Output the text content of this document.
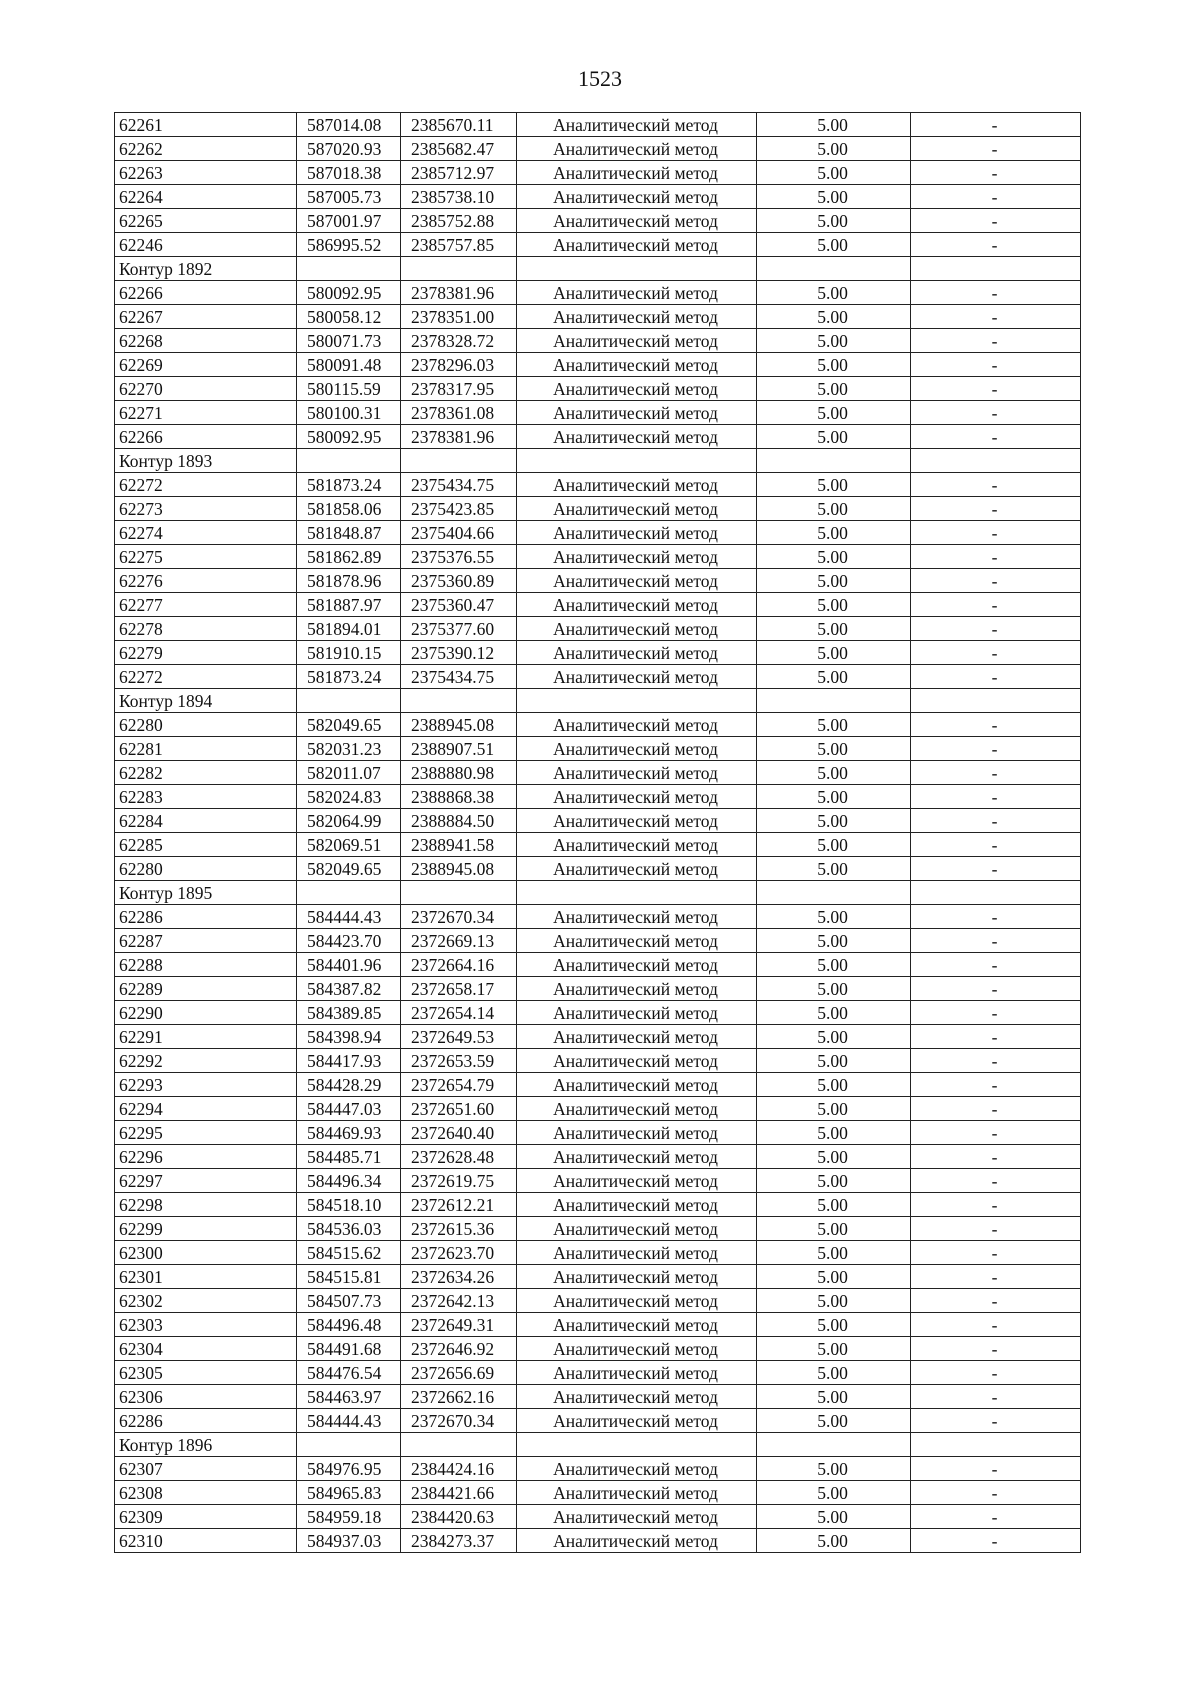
1523
62261	587014.08	2385670.11	Аналитический метод	5.00	-
62262	587020.93	2385682.47	Аналитический метод	5.00	-
62263	587018.38	2385712.97	Аналитический метод	5.00	-
62264	587005.73	2385738.10	Аналитический метод	5.00	-
62265	587001.97	2385752.88	Аналитический метод	5.00	-
62246	586995.52	2385757.85	Аналитический метод	5.00	-
Контур 1892					
62266	580092.95	2378381.96	Аналитический метод	5.00	-
62267	580058.12	2378351.00	Аналитический метод	5.00	-
62268	580071.73	2378328.72	Аналитический метод	5.00	-
62269	580091.48	2378296.03	Аналитический метод	5.00	-
62270	580115.59	2378317.95	Аналитический метод	5.00	-
62271	580100.31	2378361.08	Аналитический метод	5.00	-
62266	580092.95	2378381.96	Аналитический метод	5.00	-
Контур 1893					
62272	581873.24	2375434.75	Аналитический метод	5.00	-
62273	581858.06	2375423.85	Аналитический метод	5.00	-
62274	581848.87	2375404.66	Аналитический метод	5.00	-
62275	581862.89	2375376.55	Аналитический метод	5.00	-
62276	581878.96	2375360.89	Аналитический метод	5.00	-
62277	581887.97	2375360.47	Аналитический метод	5.00	-
62278	581894.01	2375377.60	Аналитический метод	5.00	-
62279	581910.15	2375390.12	Аналитический метод	5.00	-
62272	581873.24	2375434.75	Аналитический метод	5.00	-
Контур 1894					
62280	582049.65	2388945.08	Аналитический метод	5.00	-
62281	582031.23	2388907.51	Аналитический метод	5.00	-
62282	582011.07	2388880.98	Аналитический метод	5.00	-
62283	582024.83	2388868.38	Аналитический метод	5.00	-
62284	582064.99	2388884.50	Аналитический метод	5.00	-
62285	582069.51	2388941.58	Аналитический метод	5.00	-
62280	582049.65	2388945.08	Аналитический метод	5.00	-
Контур 1895					
62286	584444.43	2372670.34	Аналитический метод	5.00	-
62287	584423.70	2372669.13	Аналитический метод	5.00	-
62288	584401.96	2372664.16	Аналитический метод	5.00	-
62289	584387.82	2372658.17	Аналитический метод	5.00	-
62290	584389.85	2372654.14	Аналитический метод	5.00	-
62291	584398.94	2372649.53	Аналитический метод	5.00	-
62292	584417.93	2372653.59	Аналитический метод	5.00	-
62293	584428.29	2372654.79	Аналитический метод	5.00	-
62294	584447.03	2372651.60	Аналитический метод	5.00	-
62295	584469.93	2372640.40	Аналитический метод	5.00	-
62296	584485.71	2372628.48	Аналитический метод	5.00	-
62297	584496.34	2372619.75	Аналитический метод	5.00	-
62298	584518.10	2372612.21	Аналитический метод	5.00	-
62299	584536.03	2372615.36	Аналитический метод	5.00	-
62300	584515.62	2372623.70	Аналитический метод	5.00	-
62301	584515.81	2372634.26	Аналитический метод	5.00	-
62302	584507.73	2372642.13	Аналитический метод	5.00	-
62303	584496.48	2372649.31	Аналитический метод	5.00	-
62304	584491.68	2372646.92	Аналитический метод	5.00	-
62305	584476.54	2372656.69	Аналитический метод	5.00	-
62306	584463.97	2372662.16	Аналитический метод	5.00	-
62286	584444.43	2372670.34	Аналитический метод	5.00	-
Контур 1896					
62307	584976.95	2384424.16	Аналитический метод	5.00	-
62308	584965.83	2384421.66	Аналитический метод	5.00	-
62309	584959.18	2384420.63	Аналитический метод	5.00	-
62310	584937.03	2384273.37	Аналитический метод	5.00	-
